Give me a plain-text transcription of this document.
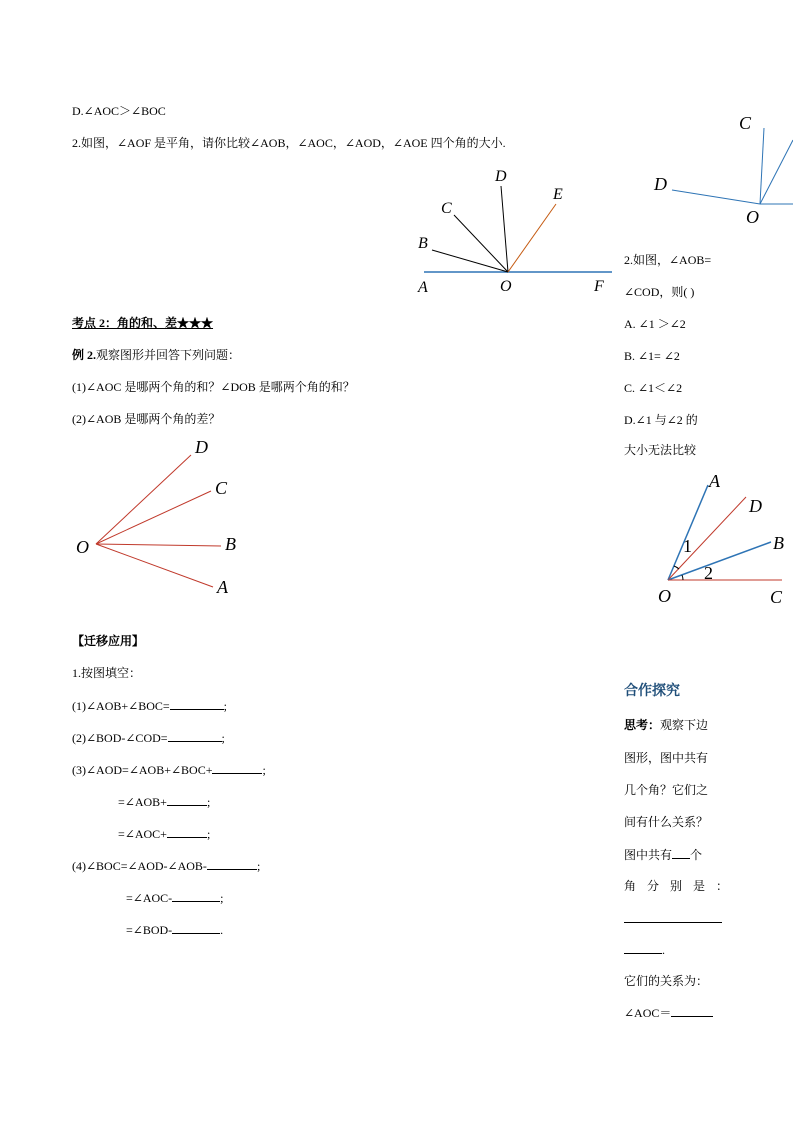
D.∠AOC＞∠BOC
2.如图，∠AOF 是平角，请你比较∠AOB，∠AOC，∠AOD，∠AOE 四个角的大小.
考点 2：角的和、差★★★
例 2.观察图形并回答下列问题：
(1)∠AOC 是哪两个角的和？∠DOB 是哪两个角的和？
(2)∠AOB 是哪两个角的差？
【迁移应用】
1.按图填空：
(1)∠AOB+∠BOC=	;
(2)∠BOD-∠COD=	;
(3)∠AOD=∠AOB+∠BOC+	;
=∠AOB+	;
=∠AOC+	;
(4)∠BOC=∠AOD-∠AOB-	;
=∠AOC-	;
=∠BOD-	.
2.如图，∠AOB=
∠COD，则( )
A. ∠1 ＞∠2
B. ∠1= ∠2
C. ∠1＜∠2
D.∠1 与∠2 的
大小无法比较
合作探究
思考：观察下边
图形，图中共有
几个角？它们之
间有什么关系？
图中共有 个
角分别是：
.
它们的关系为：
∠AOC＝
A
B
C
D
E
O	F
D
C
B
A
O
C
D
O
A
D
B
C
O
1
2
